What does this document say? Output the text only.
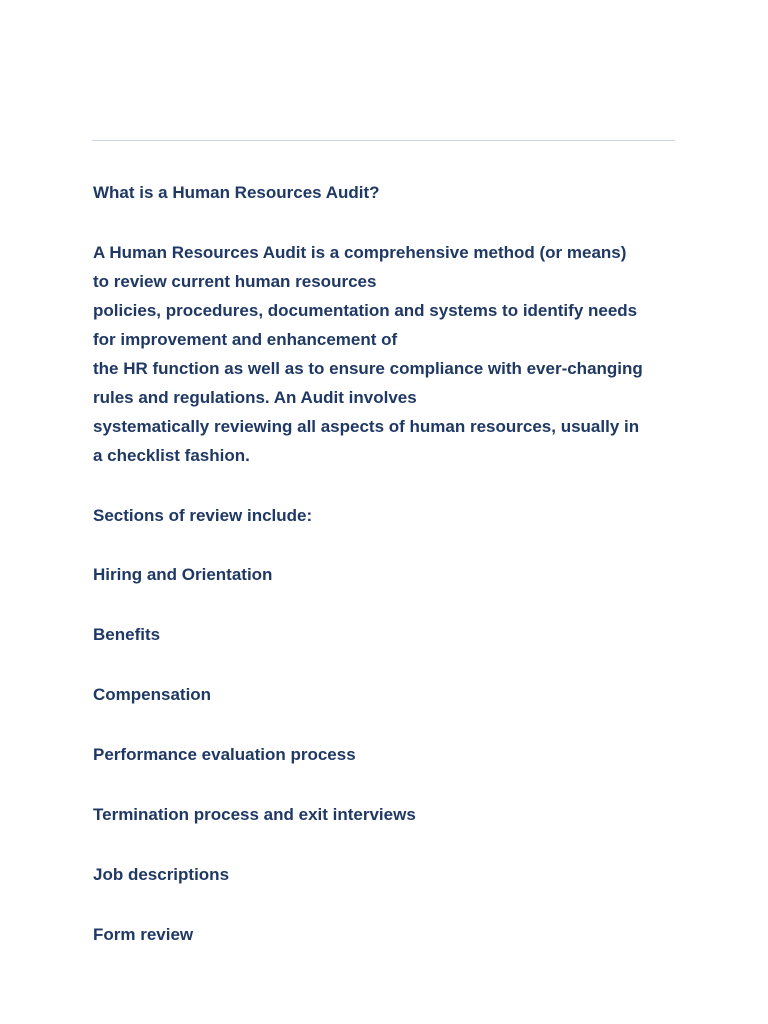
What is a Human Resources Audit?

A Human Resources Audit is a comprehensive method (or means)
to review current human resources
policies, procedures, documentation and systems to identify needs
for improvement and enhancement of
the HR function as well as to ensure compliance with ever-changing
rules and regulations. An Audit involves
systematically reviewing all aspects of human resources, usually in
a checklist fashion.

Sections of review include:

Hiring and Orientation

Benefits

Compensation

Performance evaluation process

Termination process and exit interviews

Job descriptions

Form review
